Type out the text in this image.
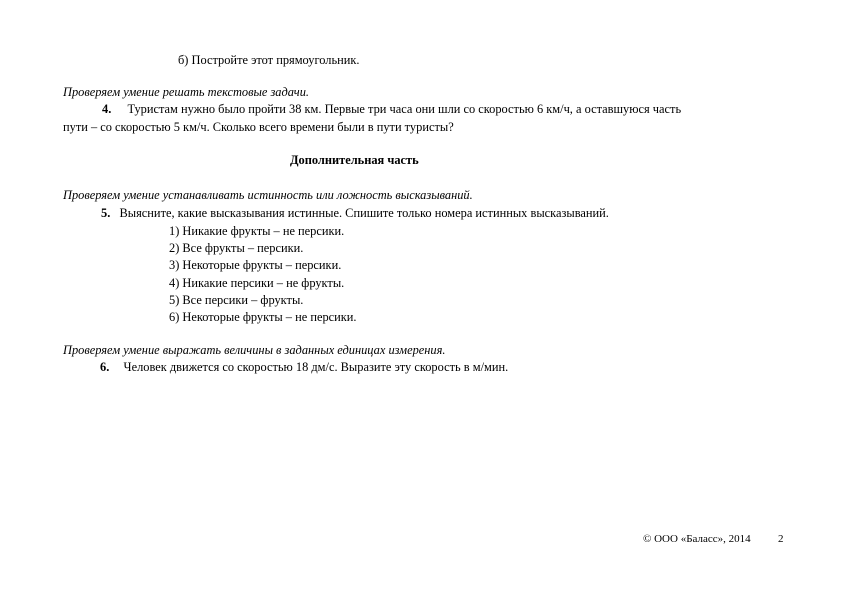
б) Постройте этот прямоугольник.
Проверяем умение решать текстовые задачи.
4. Туристам нужно было пройти 38 км. Первые три часа они шли со скоростью 6 км/ч, а оставшуюся часть
пути – со скоростью 5 км/ч. Сколько всего времени были в пути туристы?
Дополнительная часть
Проверяем умение устанавливать истинность или ложность высказываний.
5. Выясните, какие высказывания истинные. Спишите только номера истинных высказываний.
1) Никакие фрукты – не персики.
2) Все фрукты – персики.
3) Некоторые фрукты – персики.
4) Никакие персики – не фрукты.
5) Все персики – фрукты.
6) Некоторые фрукты – не персики.
Проверяем умение выражать величины в заданных единицах измерения.
6. Человек движется со скоростью 18 дм/с. Выразите эту скорость в м/мин.
© ООО «Баласс», 2014 2
